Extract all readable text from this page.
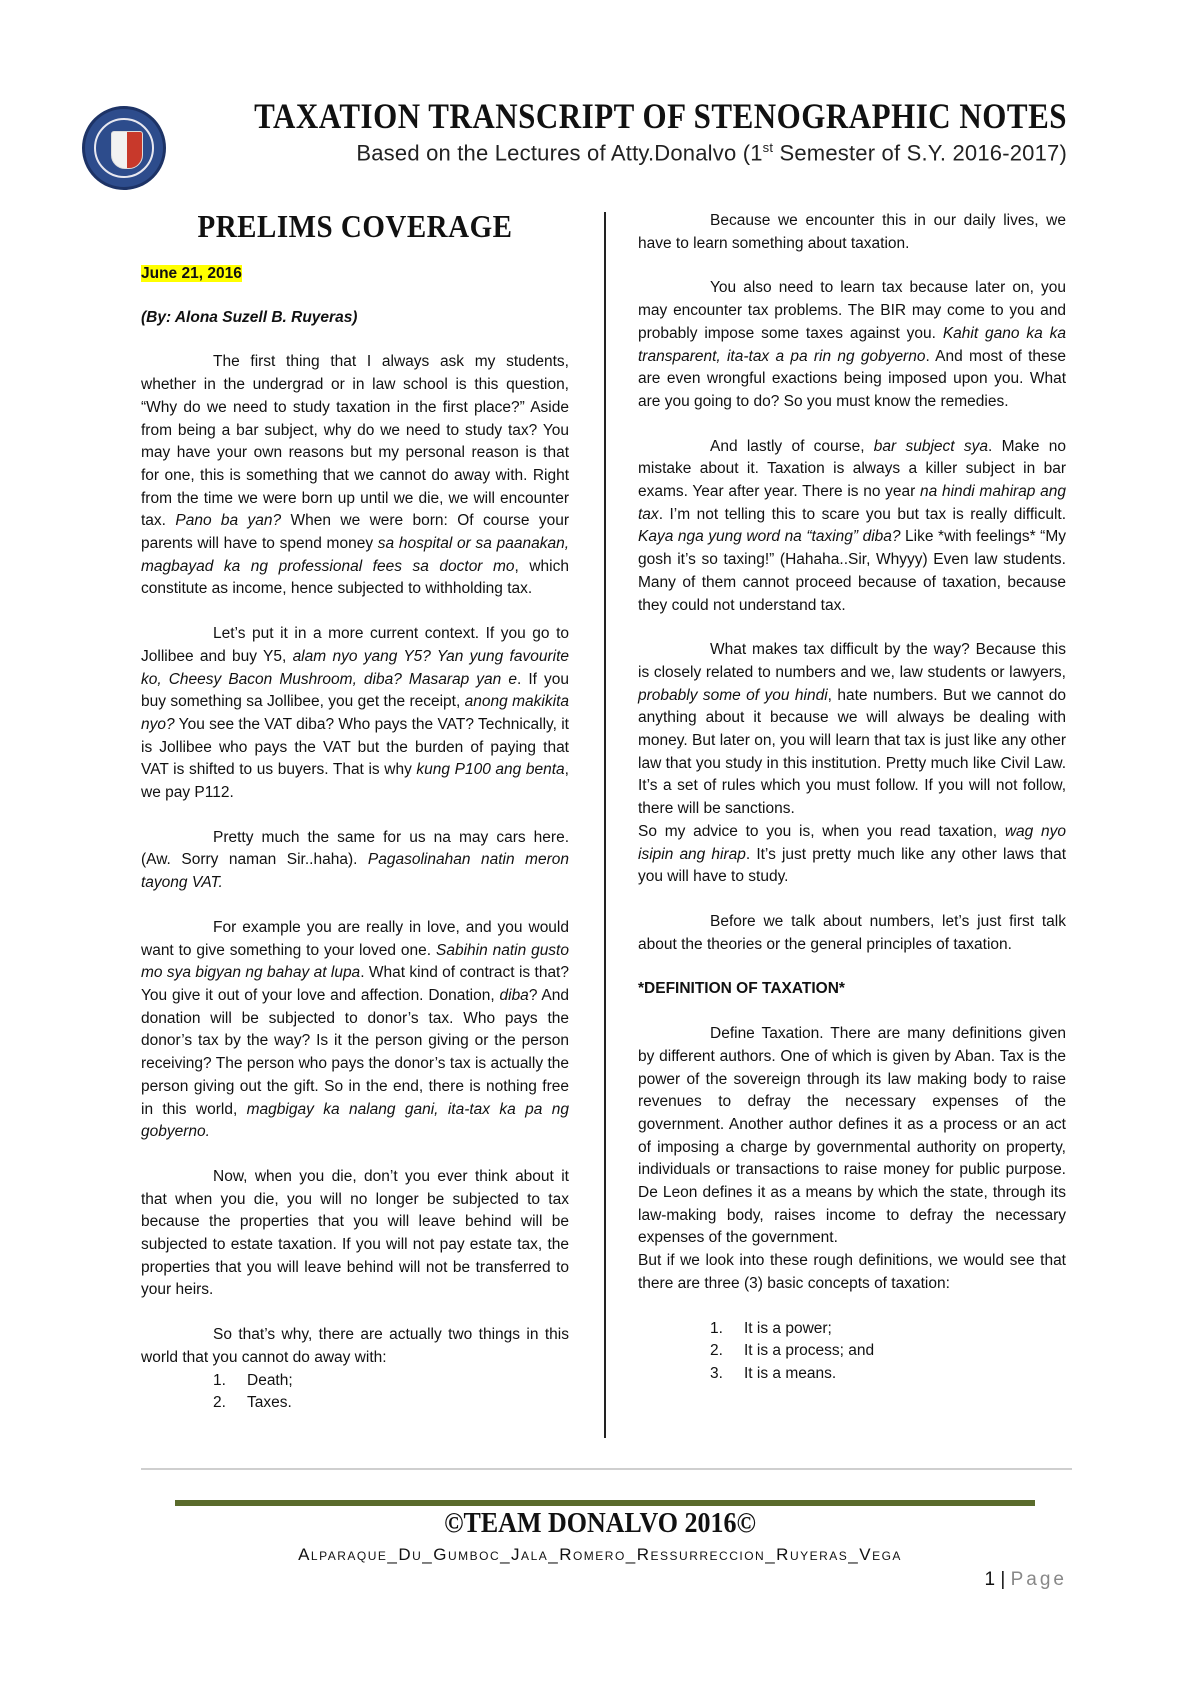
TAXATION TRANSCRIPT OF STENOGRAPHIC NOTES

Based on the Lectures of Atty.Donalvo (1st Semester of S.Y. 2016-2017)

PRELIMS COVERAGE

June 21, 2016

(By: Alona Suzell B. Ruyeras)

The first thing that I always ask my students, whether in the undergrad or in law school is this question, “Why do we need to study taxation in the first place?” Aside from being a bar subject, why do we need to study tax? You may have your own reasons but my personal reason is that for one, this is something that we cannot do away with. Right from the time we were born up until we die, we will encounter tax. Pano ba yan? When we were born: Of course your parents will have to spend money sa hospital or sa paanakan, magbayad ka ng professional fees sa doctor mo, which constitute as income, hence subjected to withholding tax.

Let’s put it in a more current context. If you go to Jollibee and buy Y5, alam nyo yang Y5? Yan yung favourite ko, Cheesy Bacon Mushroom, diba? Masarap yan e. If you buy something sa Jollibee, you get the receipt, anong makikita nyo? You see the VAT diba? Who pays the VAT? Technically, it is Jollibee who pays the VAT but the burden of paying that VAT is shifted to us buyers. That is why kung P100 ang benta, we pay P112.

Pretty much the same for us na may cars here. (Aw. Sorry naman Sir..haha). Pagasolinahan natin meron tayong VAT.

For example you are really in love, and you would want to give something to your loved one. Sabihin natin gusto mo sya bigyan ng bahay at lupa. What kind of contract is that? You give it out of your love and affection. Donation, diba? And donation will be subjected to donor’s tax. Who pays the donor’s tax by the way? Is it the person giving or the person receiving? The person who pays the donor’s tax is actually the person giving out the gift. So in the end, there is nothing free in this world, magbigay ka nalang gani, ita-tax ka pa ng gobyerno.

Now, when you die, don’t you ever think about it that when you die, you will no longer be subjected to tax because the properties that you will leave behind will be subjected to estate taxation. If you will not pay estate tax, the properties that you will leave behind will not be transferred to your heirs.

So that’s why, there are actually two things in this world that you cannot do away with:

1. Death;
2. Taxes.

Because we encounter this in our daily lives, we have to learn something about taxation.

You also need to learn tax because later on, you may encounter tax problems. The BIR may come to you and probably impose some taxes against you. Kahit gano ka ka transparent, ita-tax a pa rin ng gobyerno. And most of these are even wrongful exactions being imposed upon you. What are you going to do? So you must know the remedies.

And lastly of course, bar subject sya. Make no mistake about it. Taxation is always a killer subject in bar exams. Year after year. There is no year na hindi mahirap ang tax. I’m not telling this to scare you but tax is really difficult. Kaya nga yung word na “taxing” diba? Like *with feelings* “My gosh it’s so taxing!” (Hahaha..Sir, Whyyy) Even law students. Many of them cannot proceed because of taxation, because they could not understand tax.

What makes tax difficult by the way? Because this is closely related to numbers and we, law students or lawyers, probably some of you hindi, hate numbers. But we cannot do anything about it because we will always be dealing with money. But later on, you will learn that tax is just like any other law that you study in this institution. Pretty much like Civil Law. It’s a set of rules which you must follow. If you will not follow, there will be sanctions.

So my advice to you is, when you read taxation, wag nyo isipin ang hirap. It’s just pretty much like any other laws that you will have to study.

Before we talk about numbers, let’s just first talk about the theories or the general principles of taxation.

*DEFINITION OF TAXATION*

Define Taxation. There are many definitions given by different authors. One of which is given by Aban. Tax is the power of the sovereign through its law making body to raise revenues to defray the necessary expenses of the government. Another author defines it as a process or an act of imposing a charge by governmental authority on property, individuals or transactions to raise money for public purpose. De Leon defines it as a means by which the state, through its law-making body, raises income to defray the necessary expenses of the government.

But if we look into these rough definitions, we would see that there are three (3) basic concepts of taxation:

1. It is a power;
2. It is a process; and
3. It is a means.

©TEAM DONALVO 2016©

Alparaque_Du_Gumboc_Jala_Romero_Ressurreccion_Ruyeras_Vega

1 | Page
